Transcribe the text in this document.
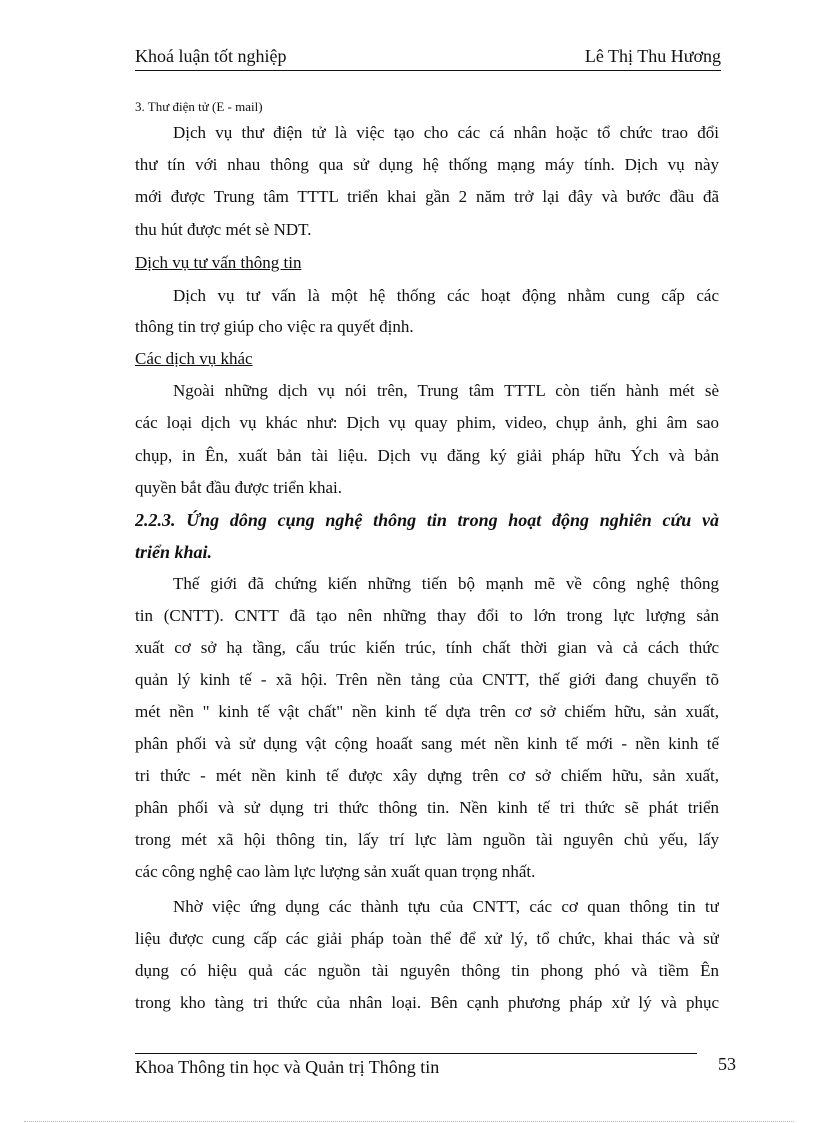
Khoá luận tốt nghiệp	Lê Thị Thu Hương
3. Thư điện tử (E - mail)
Dịch vụ thư điện tử là việc tạo cho các cá nhân hoặc tổ chức trao đổi
thư tín với nhau thông qua sử dụng hệ thống mạng máy tính. Dịch vụ này
mới được Trung tâm TTTL triển khai gần 2 năm trở lại đây và bước đầu đã
thu hút được mét sè NDT.
Dịch vụ tư vấn thông tin
Dịch vụ tư vấn là một hệ thống các hoạt động nhằm cung cấp các
thông tin trợ giúp cho việc ra quyết định.
Các dịch vụ khác
Ngoài những dịch vụ nói trên, Trung tâm TTTL còn tiến hành mét sè
các loại dịch vụ khác như: Dịch vụ quay phim, video, chụp ảnh, ghi âm sao
chụp, in Ên, xuất bản tài liệu. Dịch vụ đăng ký giải pháp hữu Ých và bản
quyền bắt đầu được triển khai.
2.2.3. Ứng dông cụng nghệ thông tin trong hoạt động nghiên cứu và
triển khai.
Thế giới đã chứng kiến những tiến bộ mạnh mẽ về công nghệ thông
tin (CNTT). CNTT đã tạo nên những thay đổi to lớn trong lực lượng sản
xuất cơ sở hạ tầng, cấu trúc kiến trúc, tính chất thời gian và cả cách thức
quản lý kinh tế - xã hội. Trên nền tảng của CNTT, thế giới đang chuyển tõ
mét nền " kinh tế vật chất" nền kinh tế dựa trên cơ sở chiếm hữu, sản xuất,
phân phối và sử dụng vật cộng hoaất sang mét nền kinh tế mới - nền kinh tế
tri thức - mét nền kinh tế được xây dựng trên cơ sở chiếm hữu, sản xuất,
phân phối và sử dụng tri thức thông tin. Nền kinh tế tri thức sẽ phát triển
trong mét xã hội thông tin, lấy trí lực làm nguồn tài nguyên chủ yếu, lấy
các công nghệ cao làm lực lượng sản xuất quan trọng nhất.
Nhờ việc ứng dụng các thành tựu của CNTT, các cơ quan thông tin tư
liệu được cung cấp các giải pháp toàn thể để xử lý, tổ chức, khai thác và sử
dụng có hiệu quả các nguồn tài nguyên thông tin phong phó và tiềm Ên
trong kho tàng tri thức của nhân loại. Bên cạnh phương pháp xử lý và phục
Khoa Thông tin học và Quản trị Thông tin	53
